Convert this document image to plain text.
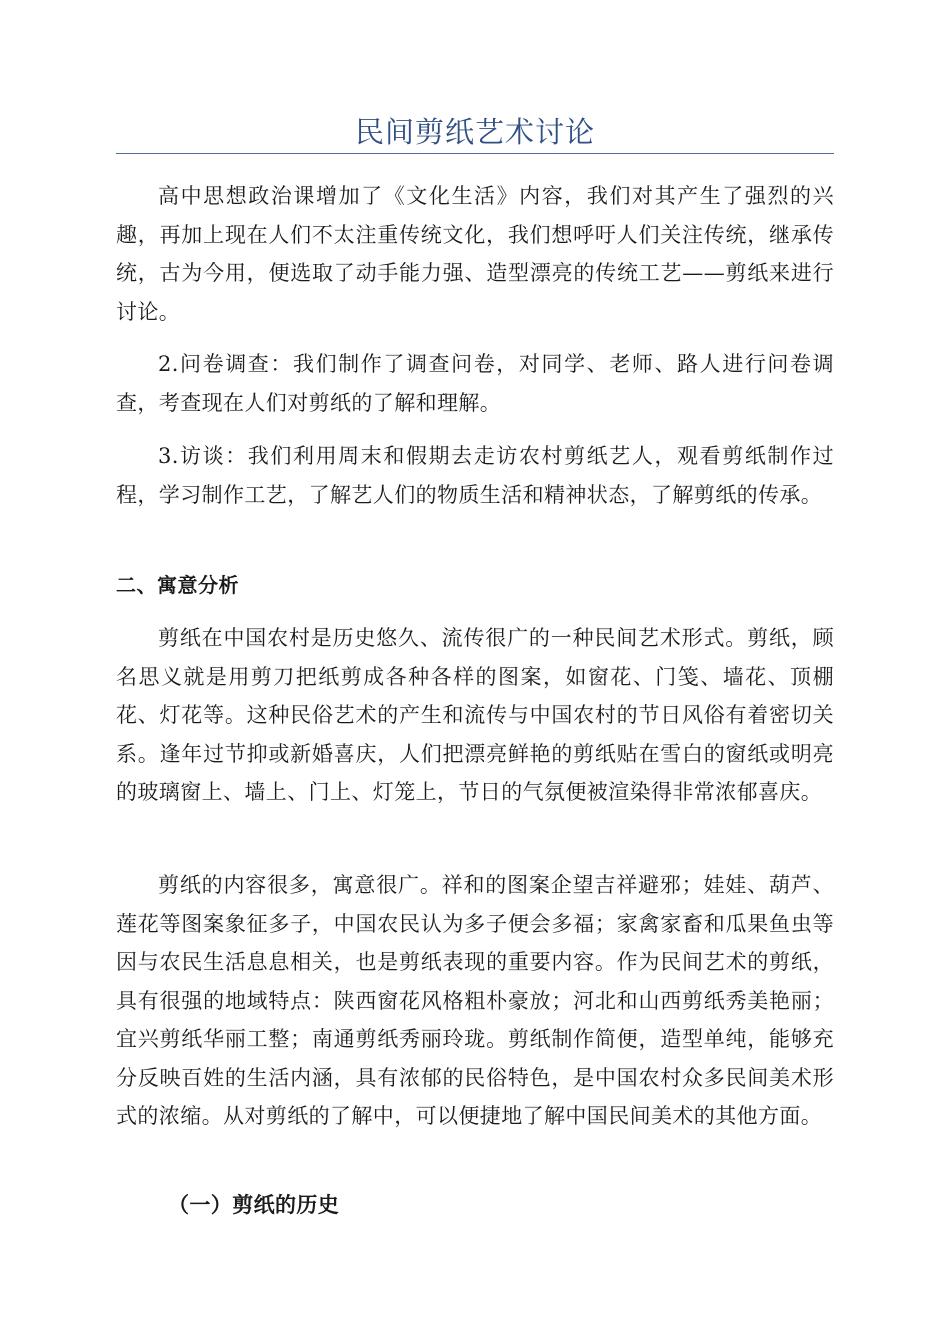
民间剪纸艺术讨论

高中思想政治课增加了《文化生活》内容，我们对其产生了强烈的兴趣，再加上现在人们不太注重传统文化，我们想呼吁人们关注传统，继承传统，古为今用，便选取了动手能力强、造型漂亮的传统工艺——剪纸来进行讨论。

2.问卷调查：我们制作了调查问卷，对同学、老师、路人进行问卷调查，考查现在人们对剪纸的了解和理解。

3.访谈：我们利用周末和假期去走访农村剪纸艺人，观看剪纸制作过程，学习制作工艺，了解艺人们的物质生活和精神状态，了解剪纸的传承。

二、寓意分析

剪纸在中国农村是历史悠久、流传很广的一种民间艺术形式。剪纸，顾名思义就是用剪刀把纸剪成各种各样的图案，如窗花、门笺、墙花、顶棚花、灯花等。这种民俗艺术的产生和流传与中国农村的节日风俗有着密切关系。逢年过节抑或新婚喜庆，人们把漂亮鲜艳的剪纸贴在雪白的窗纸或明亮的玻璃窗上、墙上、门上、灯笼上，节日的气氛便被渲染得非常浓郁喜庆。

剪纸的内容很多，寓意很广。祥和的图案企望吉祥避邪；娃娃、葫芦、莲花等图案象征多子，中国农民认为多子便会多福；家禽家畜和瓜果鱼虫等因与农民生活息息相关，也是剪纸表现的重要内容。作为民间艺术的剪纸，具有很强的地域特点：陕西窗花风格粗朴豪放；河北和山西剪纸秀美艳丽；宜兴剪纸华丽工整；南通剪纸秀丽玲珑。剪纸制作简便，造型单纯，能够充分反映百姓的生活内涵，具有浓郁的民俗特色，是中国农村众多民间美术形式的浓缩。从对剪纸的了解中，可以便捷地了解中国民间美术的其他方面。

（一）剪纸的历史
